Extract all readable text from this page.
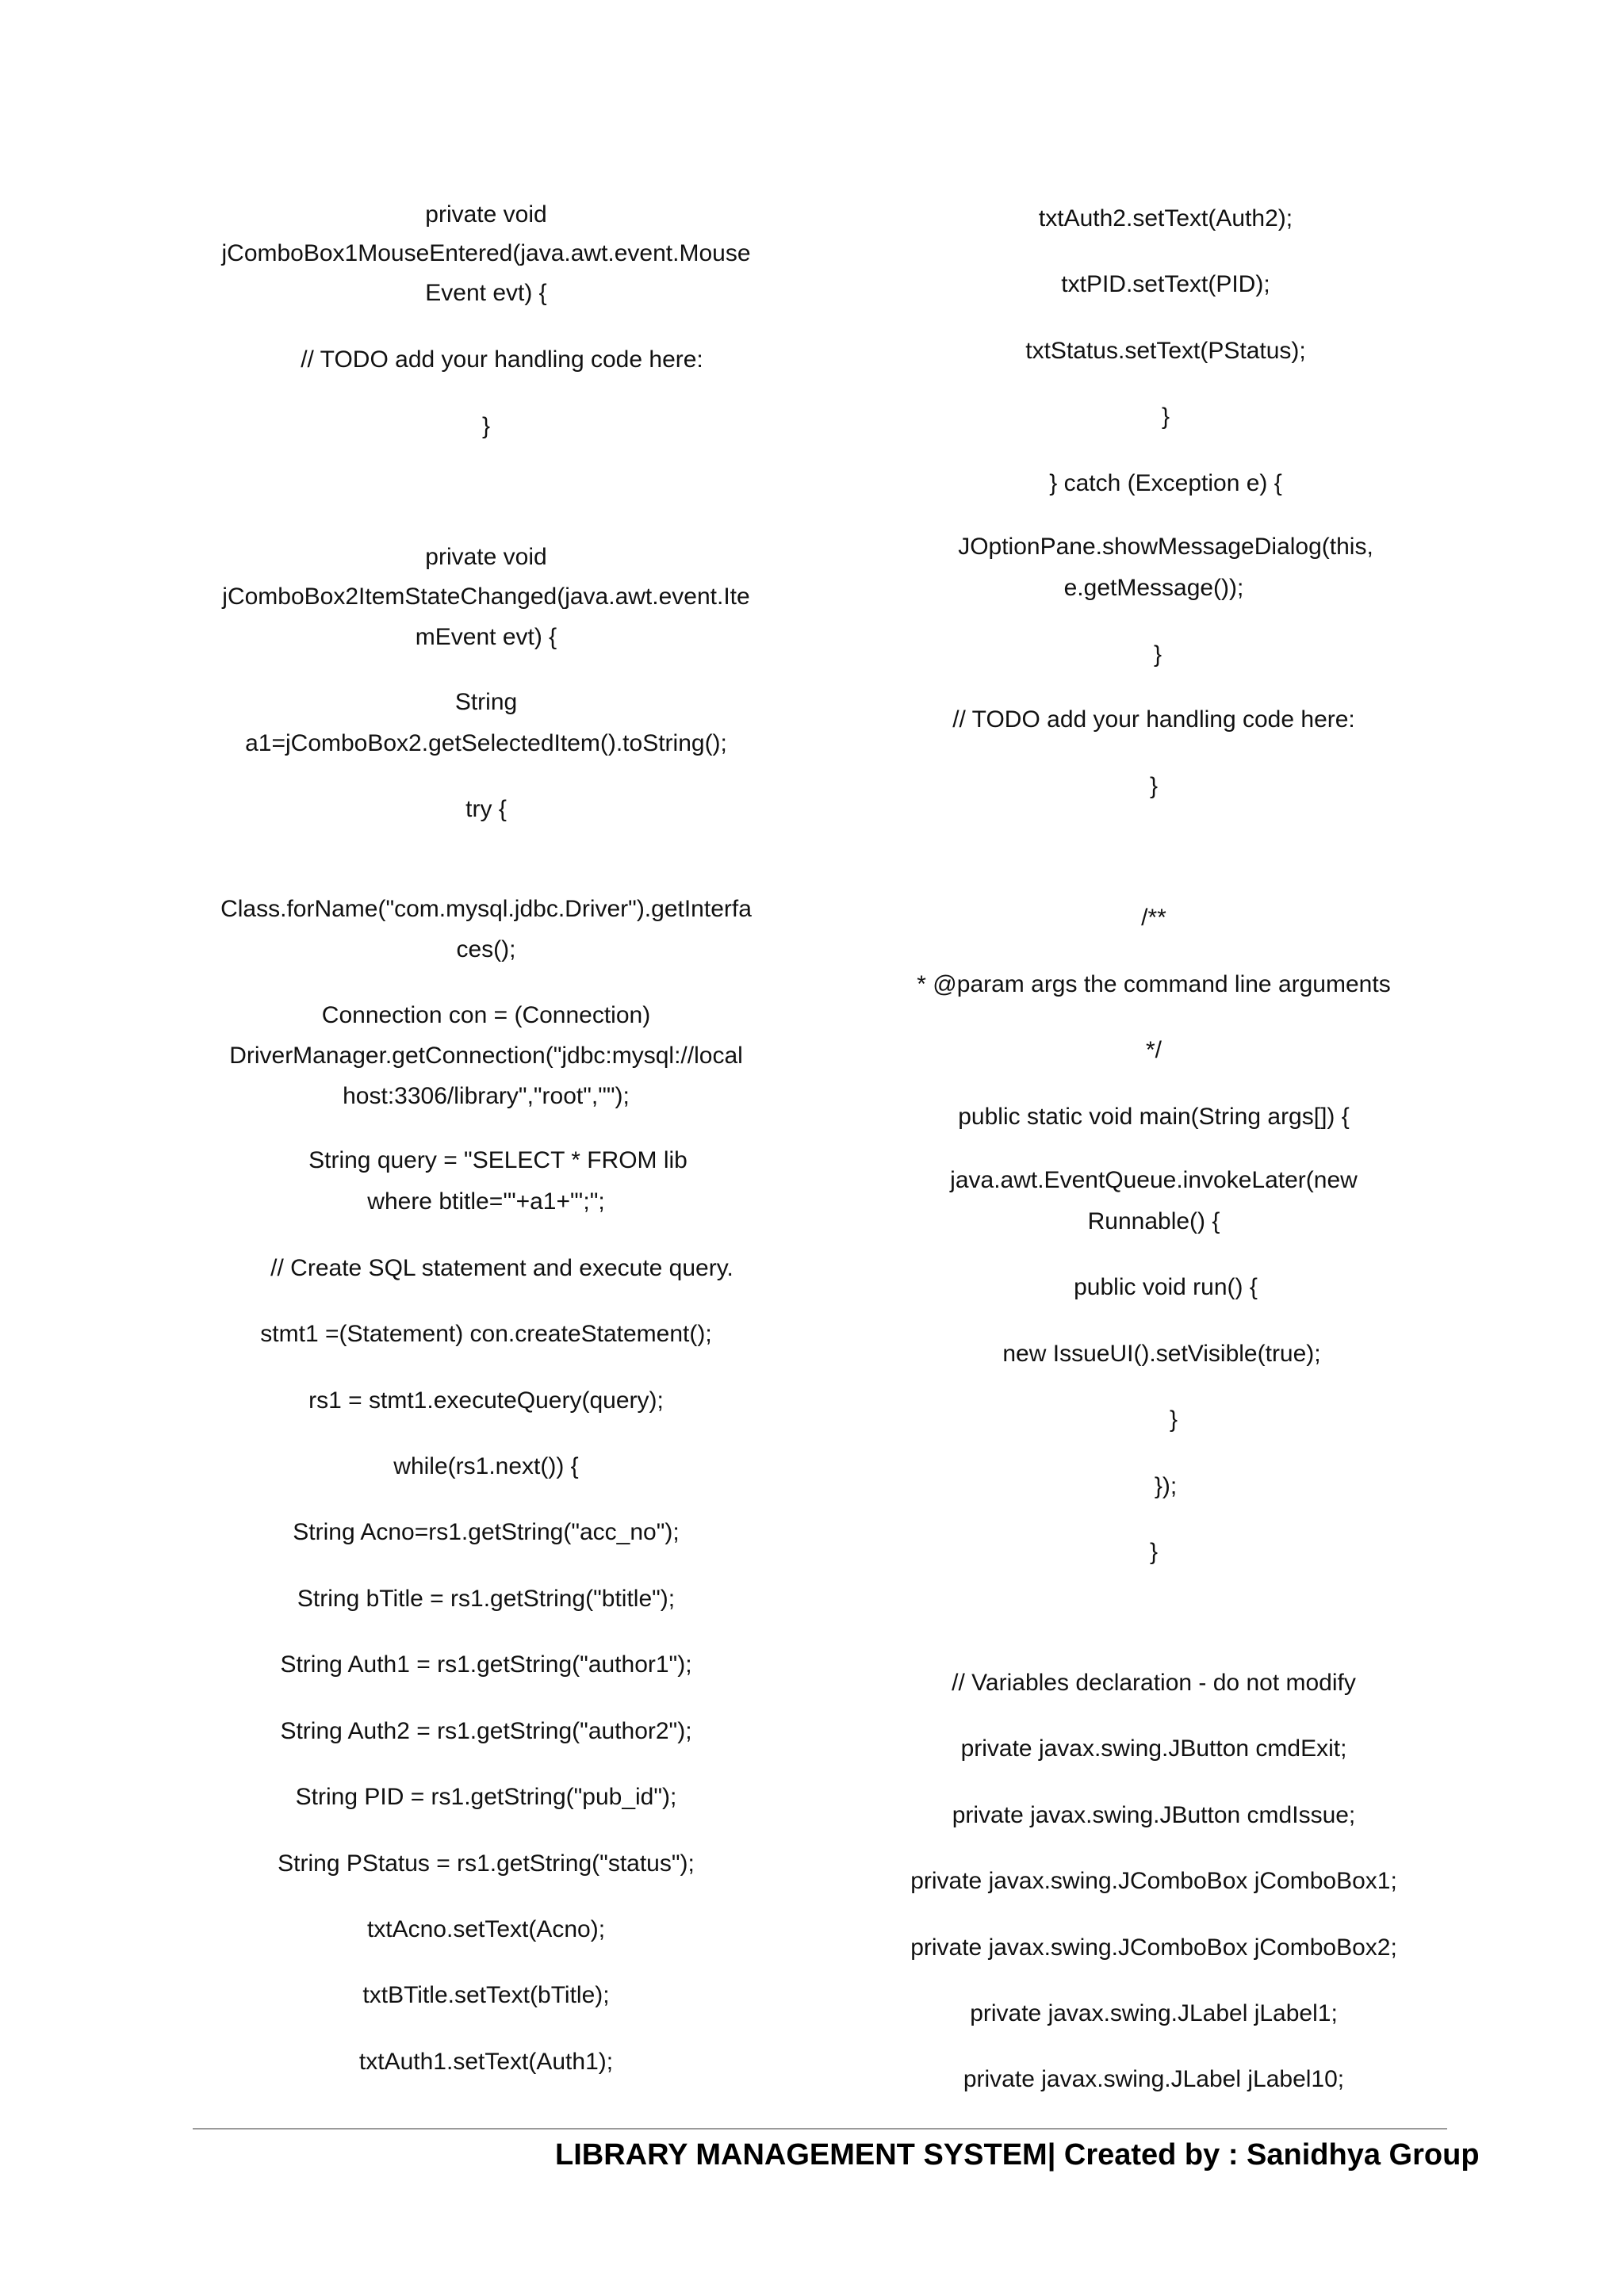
private void
jComboBox1MouseEntered(java.awt.event.Mouse
Event evt) {
// TODO add your handling code here:
}
private void
jComboBox2ItemStateChanged(java.awt.event.Ite
mEvent evt) {
String
a1=jComboBox2.getSelectedItem().toString();
try {
Class.forName("com.mysql.jdbc.Driver").getInterfa
ces();
Connection con = (Connection)
DriverManager.getConnection("jdbc:mysql://local
host:3306/library","root","");
String query = "SELECT * FROM lib
where btitle='"+a1+"';";
// Create SQL statement and execute query.
stmt1 =(Statement) con.createStatement();
rs1 = stmt1.executeQuery(query);
while(rs1.next()) {
String Acno=rs1.getString("acc_no");
String bTitle = rs1.getString("btitle");
String Auth1 = rs1.getString("author1");
String Auth2 = rs1.getString("author2");
String PID = rs1.getString("pub_id");
String PStatus = rs1.getString("status");
txtAcno.setText(Acno);
txtBTitle.setText(bTitle);
txtAuth1.setText(Auth1);
txtAuth2.setText(Auth2);
txtPID.setText(PID);
txtStatus.setText(PStatus);
}
} catch (Exception e) {
JOptionPane.showMessageDialog(this,
e.getMessage());
}
// TODO add your handling code here:
}
/**
* @param args the command line arguments
*/
public static void main(String args[]) {
java.awt.EventQueue.invokeLater(new
Runnable() {
public void run() {
new IssueUI().setVisible(true);
}
});
}
// Variables declaration - do not modify
private javax.swing.JButton cmdExit;
private javax.swing.JButton cmdIssue;
private javax.swing.JComboBox jComboBox1;
private javax.swing.JComboBox jComboBox2;
private javax.swing.JLabel jLabel1;
private javax.swing.JLabel jLabel10;
LIBRARY MANAGEMENT SYSTEM| Created by : Sanidhya Group
